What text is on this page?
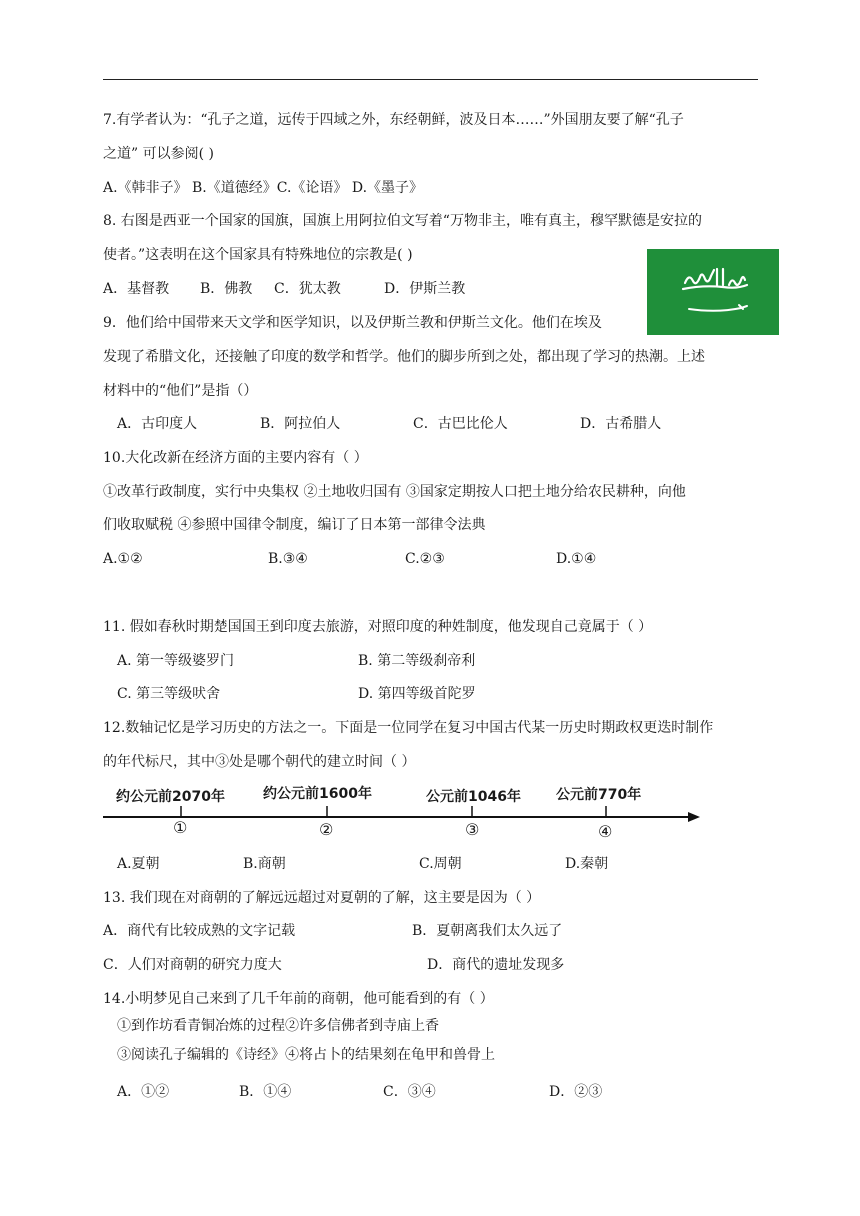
7.有学者认为：“孔子之道，远传于四域之外，东经朝鲜，波及日本……”外国朋友要了解“孔子
之道” 可以参阅( )
A.《韩非子》 B.《道德经》C.《论语》 D.《墨子》
8. 右图是西亚一个国家的国旗，国旗上用阿拉伯文写着“万物非主，唯有真主，穆罕默德是安拉的
使者。”这表明在这个国家具有特殊地位的宗教是( )
A．基督教 B．佛教 C．犹太教	D．伊斯兰教
9．他们给中国带来天文学和医学知识，以及伊斯兰教和伊斯兰文化。他们在埃及
发现了希腊文化，还接触了印度的数学和哲学。他们的脚步所到之处，都出现了学习的热潮。上述
材料中的“他们”是指（）
A．古印度人	B．阿拉伯人	C．古巴比伦人	D．古希腊人
10.大化改新在经济方面的主要内容有（ ）
①改革行政制度，实行中央集权 ②土地收归国有 ③国家定期按人口把土地分给农民耕种，向他
们收取赋税 ④参照中国律令制度，编订了日本第一部律令法典
A.①②	B.③④	C.②③	D.①④
11. 假如春秋时期楚国国王到印度去旅游，对照印度的种姓制度，他发现自己竟属于（ ）
A. 第一等级婆罗门	B. 第二等级刹帝利
C. 第三等级吠舍	D. 第四等级首陀罗
12.数轴记忆是学习历史的方法之一。下面是一位同学在复习中国古代某一历史时期政权更迭时制作
的年代标尺，其中③处是哪个朝代的建立时间（ ）
约公元前2070年	约公元前1600年	公元前1046年	公元前770年
①	②	③	④
A.夏朝	B.商朝	C.周朝	D.秦朝
13. 我们现在对商朝的了解远远超过对夏朝的了解，这主要是因为（ ）
A．商代有比较成熟的文字记载	B．夏朝离我们太久远了
C．人们对商朝的研究力度大	D．商代的遗址发现多
14.小明梦见自己来到了几千年前的商朝，他可能看到的有（ ）
①到作坊看青铜冶炼的过程②许多信佛者到寺庙上香
③阅读孔子编辑的《诗经》④将占卜的结果刻在龟甲和兽骨上
A．①②	B．①④	C．③④	D．②③
